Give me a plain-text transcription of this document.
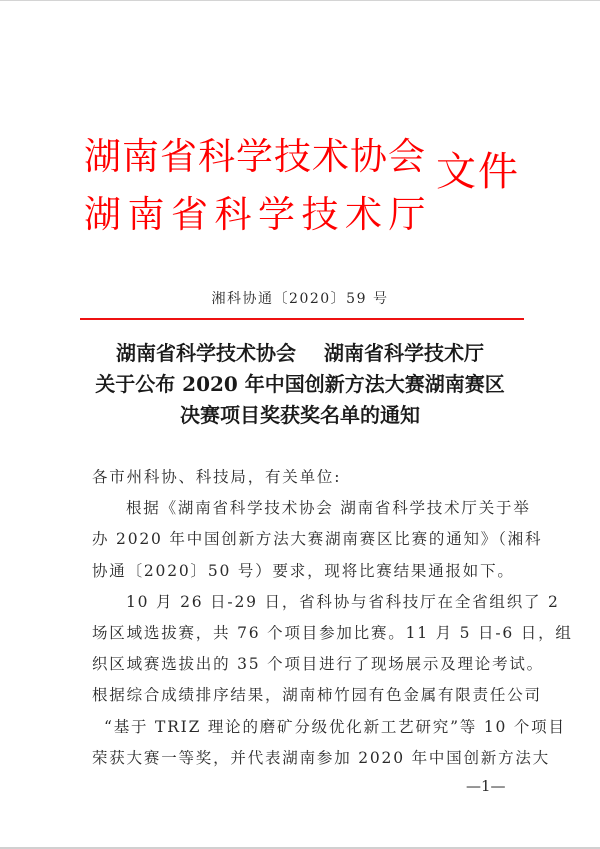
湖南省科学技术协会
湖南省科学技术厅
文件
湘科协通〔2020〕59 号
湖南省科学技术协会 湖南省科学技术厅
关于公布 2020 年中国创新方法大赛湖南赛区
决赛项目奖获奖名单的通知
各市州科协、科技局，有关单位:
根据《湖南省科学技术协会 湖南省科学技术厅关于举
办 2020 年中国创新方法大赛湖南赛区比赛的通知》（湘科
协通〔2020〕50 号）要求，现将比赛结果通报如下。
10 月 26 日-29 日，省科协与省科技厅在全省组织了 2
场区域选拔赛，共 76 个项目参加比赛。11 月 5 日-6 日，组
织区域赛选拔出的 35 个项目进行了现场展示及理论考试。
根据综合成绩排序结果，湖南柿竹园有色金属有限责任公司
“基于 TRIZ 理论的磨矿分级优化新工艺研究”等 10 个项目
荣获大赛一等奖，并代表湖南参加 2020 年中国创新方法大
—1—
